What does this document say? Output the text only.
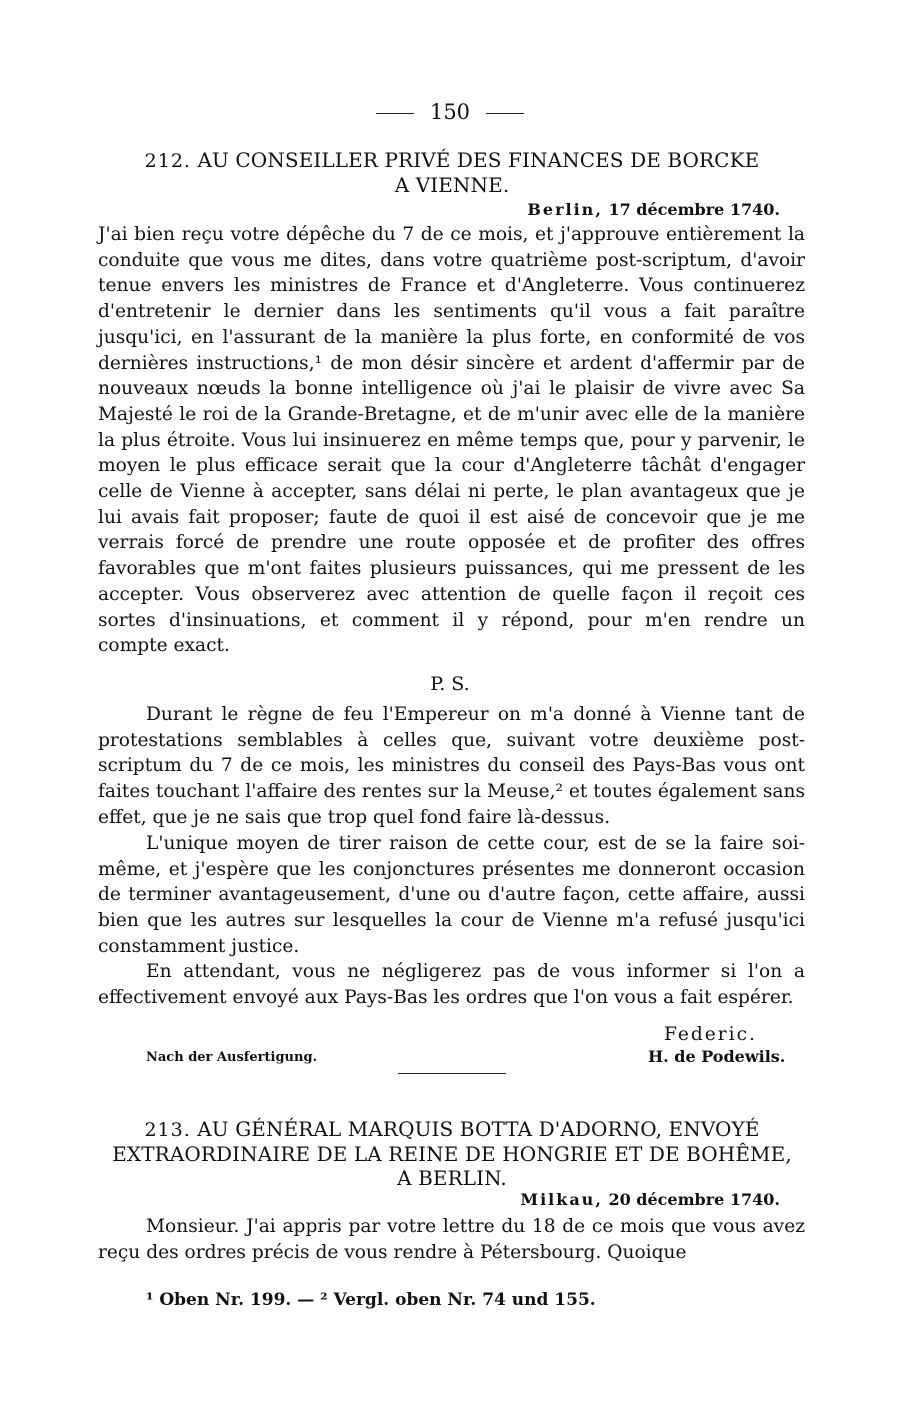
150
212. AU CONSEILLER PRIVÉ DES FINANCES DE BORCKE
A VIENNE.
Berlin, 17 décembre 1740.
J'ai bien reçu votre dépêche du 7 de ce mois, et j'approuve entièrement la conduite que vous me dites, dans votre quatrième post-scriptum, d'avoir tenue envers les ministres de France et d'Angleterre. Vous continuerez d'entretenir le dernier dans les sentiments qu'il vous a fait paraître jusqu'ici, en l'assurant de la manière la plus forte, en conformité de vos dernières instructions,¹ de mon désir sincère et ardent d'affermir par de nouveaux nœuds la bonne intelligence où j'ai le plaisir de vivre avec Sa Majesté le roi de la Grande-Bretagne, et de m'unir avec elle de la manière la plus étroite. Vous lui insinuerez en même temps que, pour y parvenir, le moyen le plus efficace serait que la cour d'Angleterre tâchât d'engager celle de Vienne à accepter, sans délai ni perte, le plan avantageux que je lui avais fait proposer; faute de quoi il est aisé de concevoir que je me verrais forcé de prendre une route opposée et de profiter des offres favorables que m'ont faites plusieurs puissances, qui me pressent de les accepter. Vous observerez avec attention de quelle façon il reçoit ces sortes d'insinuations, et comment il y répond, pour m'en rendre un compte exact.
P. S.
Durant le règne de feu l'Empereur on m'a donné à Vienne tant de protestations semblables à celles que, suivant votre deuxième post-scriptum du 7 de ce mois, les ministres du conseil des Pays-Bas vous ont faites touchant l'affaire des rentes sur la Meuse,² et toutes également sans effet, que je ne sais que trop quel fond faire là-dessus.
L'unique moyen de tirer raison de cette cour, est de se la faire soi-même, et j'espère que les conjonctures présentes me donneront occasion de terminer avantageusement, d'une ou d'autre façon, cette affaire, aussi bien que les autres sur lesquelles la cour de Vienne m'a refusé jusqu'ici constamment justice.
En attendant, vous ne négligerez pas de vous informer si l'on a effectivement envoyé aux Pays-Bas les ordres que l'on vous a fait espérer.
Federic.
Nach der Ausfertigung.	H. de Podewils.
213. AU GÉNÉRAL MARQUIS BOTTA D'ADORNO, ENVOYÉ
EXTRAORDINAIRE DE LA REINE DE HONGRIE ET DE BOHÊME,
A BERLIN.
Milkau, 20 décembre 1740.
Monsieur. J'ai appris par votre lettre du 18 de ce mois que vous avez reçu des ordres précis de vous rendre à Pétersbourg. Quoique
¹ Oben Nr. 199. — ² Vergl. oben Nr. 74 und 155.
